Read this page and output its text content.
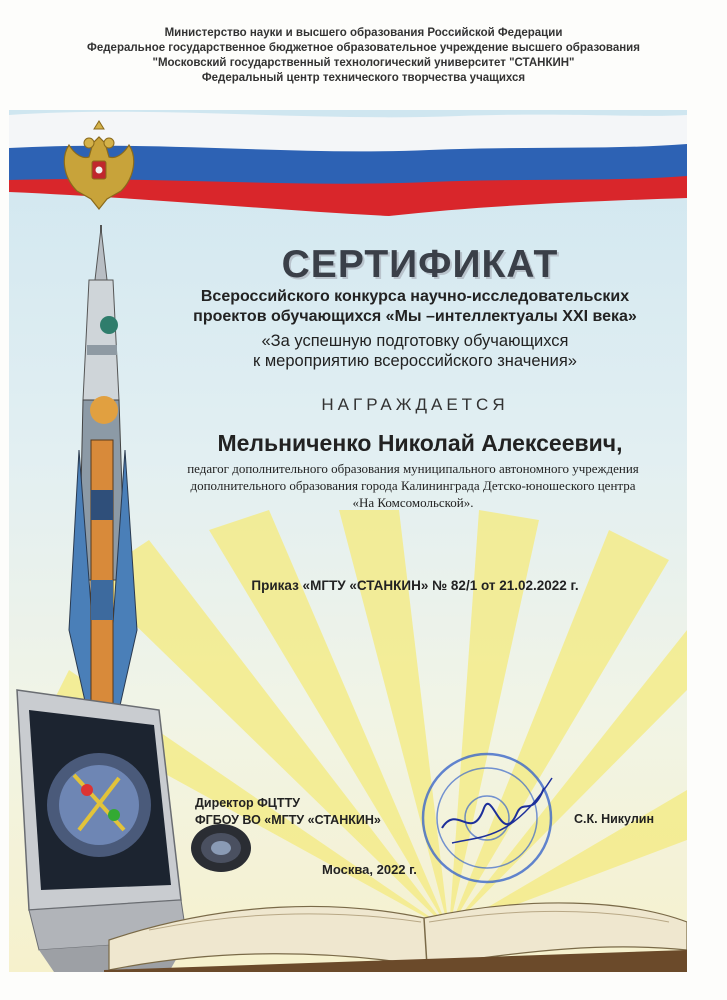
Министерство науки и высшего образования Российской Федерации
Федеральное государственное бюджетное образовательное учреждение высшего образования
"Московский государственный технологический университет "СТАНКИН"
Федеральный центр технического творчества учащихся
СЕРТИФИКАТ
Всероссийского конкурса научно-исследовательских
проектов обучающихся «Мы –интеллектуалы XXI века»
«За успешную подготовку обучающихся
к мероприятию всероссийского значения»
НАГРАЖДАЕТСЯ
Мельниченко Николай Алексеевич,
педагог дополнительного образования муниципального автономного учреждения
дополнительного образования города Калининграда Детско-юношеского центра
«На Комсомольской».
Приказ «МГТУ «СТАНКИН» № 82/1 от 21.02.2022 г.
Директор ФЦТТУ
ФГБОУ ВО «МГТУ «СТАНКИН»	С.К. Никулин
Москва, 2022 г.
